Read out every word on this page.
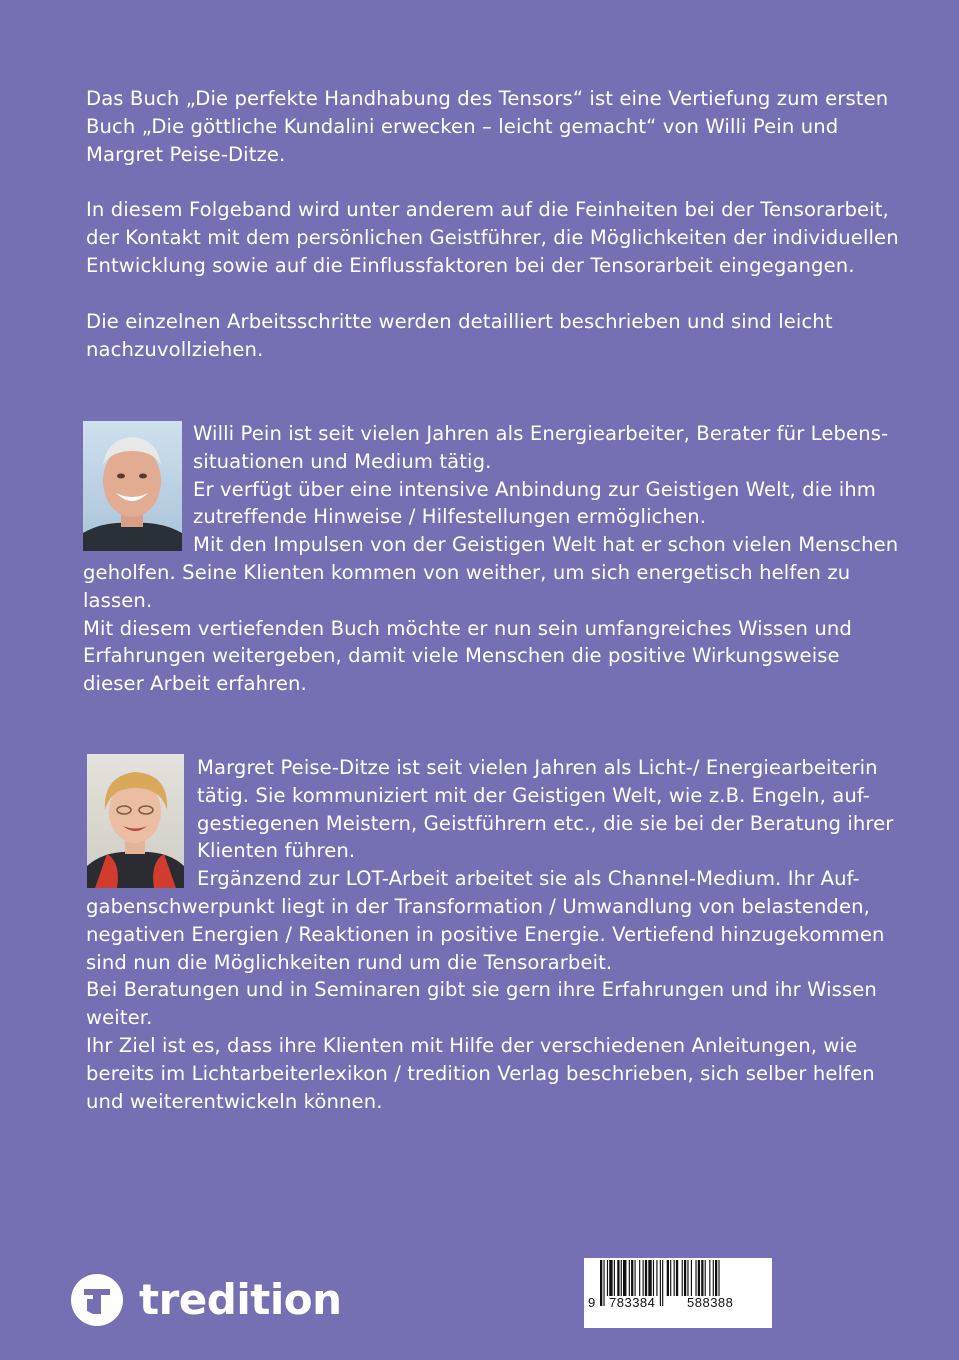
Das Buch „Die perfekte Handhabung des Tensors“ ist eine Vertiefung zum ersten
Buch „Die göttliche Kundalini erwecken – leicht gemacht“ von Willi Pein und
Margret Peise-Ditze.

In diesem Folgeband wird unter anderem auf die Feinheiten bei der Tensorarbeit,
der Kontakt mit dem persönlichen Geistführer, die Möglichkeiten der individuellen
Entwicklung sowie auf die Einflussfaktoren bei der Tensorarbeit eingegangen.

Die einzelnen Arbeitsschritte werden detailliert beschrieben und sind leicht
nachzuvollziehen.

Willi Pein ist seit vielen Jahren als Energiearbeiter, Berater für Lebens-
situationen und Medium tätig.
Er verfügt über eine intensive Anbindung zur Geistigen Welt, die ihm
zutreffende Hinweise / Hilfestellungen ermöglichen.
Mit den Impulsen von der Geistigen Welt hat er schon vielen Menschen

geholfen. Seine Klienten kommen von weither, um sich energetisch helfen zu
lassen.
Mit diesem vertiefenden Buch möchte er nun sein umfangreiches Wissen und
Erfahrungen weitergeben, damit viele Menschen die positive Wirkungsweise
dieser Arbeit erfahren.

Margret Peise-Ditze ist seit vielen Jahren als Licht-/ Energiearbeiterin
tätig. Sie kommuniziert mit der Geistigen Welt, wie z.B. Engeln, auf-
gestiegenen Meistern, Geistführern etc., die sie bei der Beratung ihrer
Klienten führen.
Ergänzend zur LOT-Arbeit arbeitet sie als Channel-Medium. Ihr Auf-

gabenschwerpunkt liegt in der Transformation / Umwandlung von belastenden,
negativen Energien / Reaktionen in positive Energie. Vertiefend hinzugekommen
sind nun die Möglichkeiten rund um die Tensorarbeit.
Bei Beratungen und in Seminaren gibt sie gern ihre Erfahrungen und ihr Wissen
weiter.
Ihr Ziel ist es, dass ihre Klienten mit Hilfe der verschiedenen Anleitungen, wie
bereits im Lichtarbeiterlexikon / tredition Verlag beschrieben, sich selber helfen
und weiterentwickeln können.

tredition	9 783384 588388
